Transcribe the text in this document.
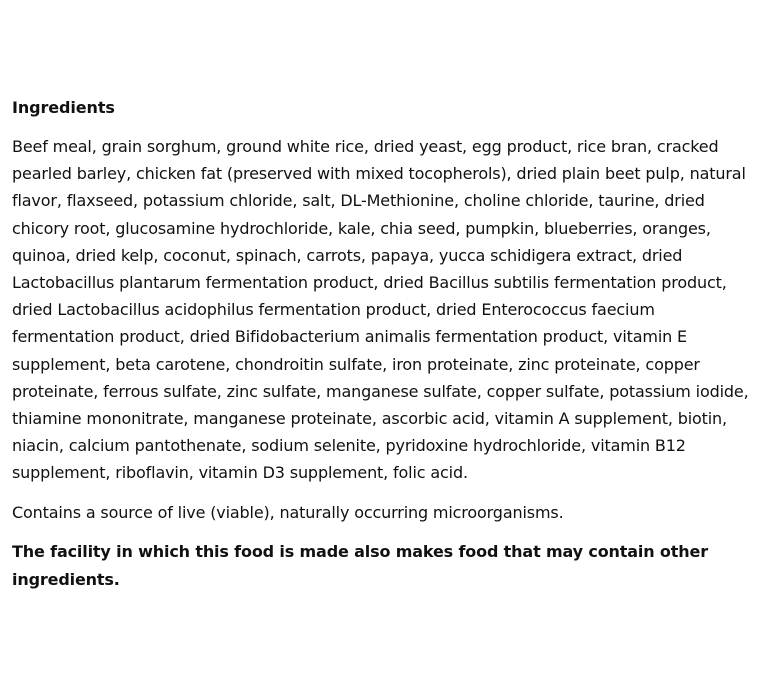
Ingredients

Beef meal, grain sorghum, ground white rice, dried yeast, egg product, rice bran, cracked pearled barley, chicken fat (preserved with mixed tocopherols), dried plain beet pulp, natural flavor, flaxseed, potassium chloride, salt, DL-Methionine, choline chloride, taurine, dried chicory root, glucosamine hydrochloride, kale, chia seed, pumpkin, blueberries, oranges, quinoa, dried kelp, coconut, spinach, carrots, papaya, yucca schidigera extract, dried Lactobacillus plantarum fermentation product, dried Bacillus subtilis fermentation product, dried Lactobacillus acidophilus fermentation product, dried Enterococcus faecium fermentation product, dried Bifidobacterium animalis fermentation product, vitamin E supplement, beta carotene, chondroitin sulfate, iron proteinate, zinc proteinate, copper proteinate, ferrous sulfate, zinc sulfate, manganese sulfate, copper sulfate, potassium iodide, thiamine mononitrate, manganese proteinate, ascorbic acid, vitamin A supplement, biotin, niacin, calcium pantothenate, sodium selenite, pyridoxine hydrochloride, vitamin B12 supplement, riboflavin, vitamin D3 supplement, folic acid.

Contains a source of live (viable), naturally occurring microorganisms.

The facility in which this food is made also makes food that may contain other ingredients.
